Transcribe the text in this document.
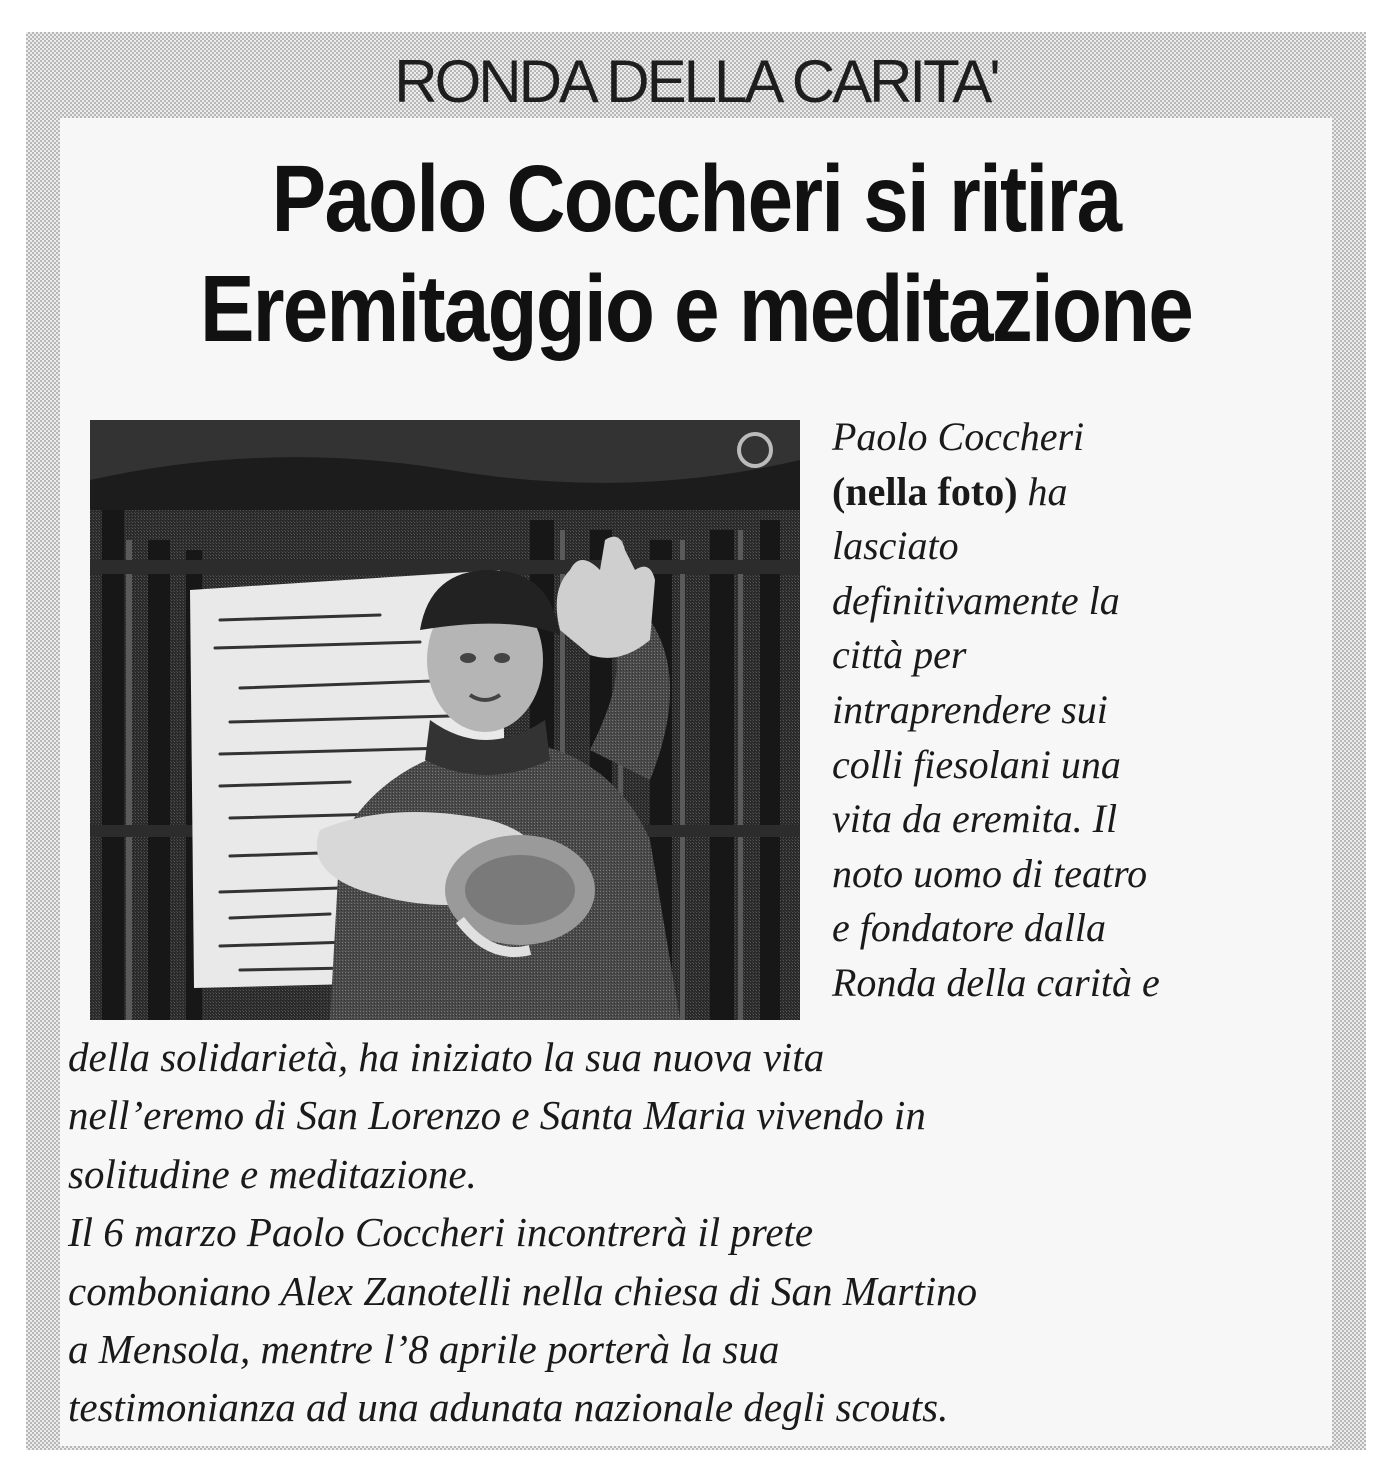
RONDA DELLA CARITA'
Paolo Coccheri si ritira
Eremitaggio e meditazione
Paolo Coccheri
(nella foto) ha
lasciato
definitivamente la
città per
intraprendere sui
colli fiesolani una
vita da eremita. Il
noto uomo di teatro
e fondatore dalla
Ronda della carità e
della solidarietà, ha iniziato la sua nuova vita
nell’eremo di San Lorenzo e Santa Maria vivendo in
solitudine e meditazione.
Il 6 marzo Paolo Coccheri incontrerà il prete
comboniano Alex Zanotelli nella chiesa di San Martino
a Mensola, mentre l’8 aprile porterà la sua
testimonianza ad una adunata nazionale degli scouts.
